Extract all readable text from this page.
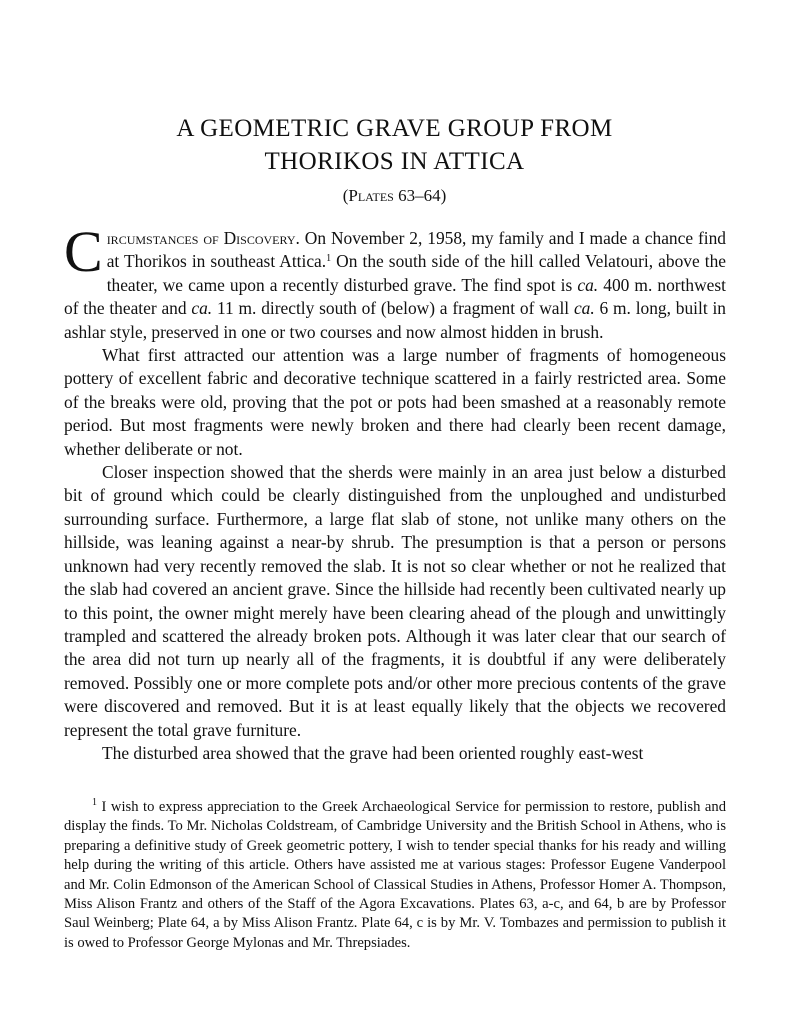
A GEOMETRIC GRAVE GROUP FROM
THORIKOS IN ATTICA
(Plates 63–64)

Circumstances of Discovery. On November 2, 1958, my family and I made a chance find at Thorikos in southeast Attica.$^1$ On the south side of the hill called Velatouri, above the theater, we came upon a recently disturbed grave. The find spot is ca. 400 m. northwest of the theater and ca. 11 m. directly south of (below) a fragment of wall ca. 6 m. long, built in ashlar style, preserved in one or two courses and now almost hidden in brush.

What first attracted our attention was a large number of fragments of homogeneous pottery of excellent fabric and decorative technique scattered in a fairly restricted area. Some of the breaks were old, proving that the pot or pots had been smashed at a reasonably remote period. But most fragments were newly broken and there had clearly been recent damage, whether deliberate or not.

Closer inspection showed that the sherds were mainly in an area just below a disturbed bit of ground which could be clearly distinguished from the unploughed and undisturbed surrounding surface. Furthermore, a large flat slab of stone, not unlike many others on the hillside, was leaning against a near-by shrub. The presumption is that a person or persons unknown had very recently removed the slab. It is not so clear whether or not he realized that the slab had covered an ancient grave. Since the hillside had recently been cultivated nearly up to this point, the owner might merely have been clearing ahead of the plough and unwittingly trampled and scattered the already broken pots. Although it was later clear that our search of the area did not turn up nearly all of the fragments, it is doubtful if any were deliberately removed. Possibly one or more complete pots and/or other more precious contents of the grave were discovered and removed. But it is at least equally likely that the objects we recovered represent the total grave furniture.

The disturbed area showed that the grave had been oriented roughly east-west

$^1$ I wish to express appreciation to the Greek Archaeological Service for permission to restore, publish and display the finds. To Mr. Nicholas Coldstream, of Cambridge University and the British School in Athens, who is preparing a definitive study of Greek geometric pottery, I wish to tender special thanks for his ready and willing help during the writing of this article. Others have assisted me at various stages: Professor Eugene Vanderpool and Mr. Colin Edmonson of the American School of Classical Studies in Athens, Professor Homer A. Thompson, Miss Alison Frantz and others of the Staff of the Agora Excavations. Plates 63, a-c, and 64, b are by Professor Saul Weinberg; Plate 64, a by Miss Alison Frantz. Plate 64, c is by Mr. V. Tombazes and permission to publish it is owed to Professor George Mylonas and Mr. Threpsiades.
